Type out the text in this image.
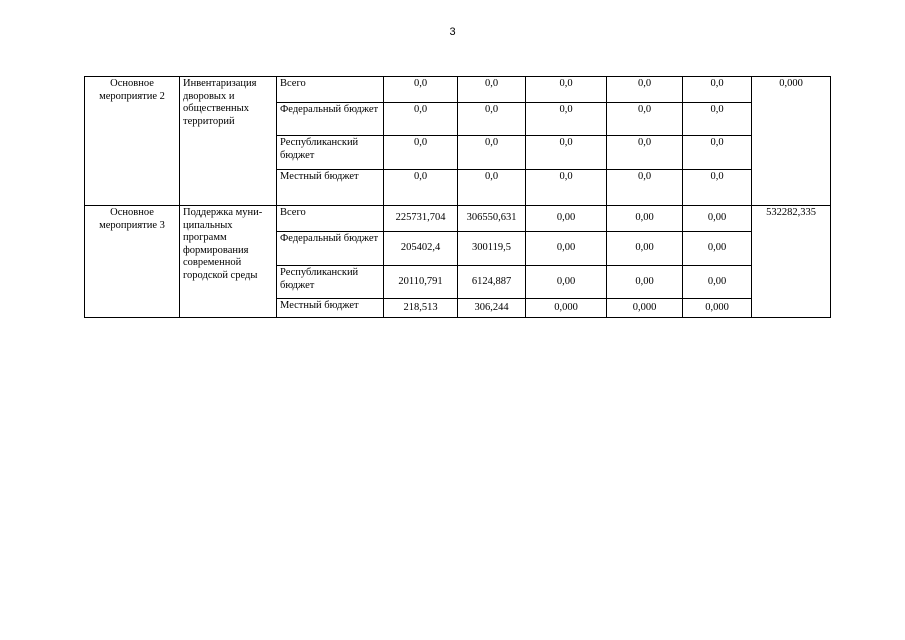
3
Основное мероприятие 2	Инвентаризация дворовых и общественных территорий	Всего	0,0	0,0	0,0	0,0	0,0	0,000
		Федеральный бюджет	0,0	0,0	0,0	0,0	0,0	
		Республиканский бюджет	0,0	0,0	0,0	0,0	0,0	
		Местный бюджет	0,0	0,0	0,0	0,0	0,0	
Основное мероприятие 3	Поддержка муни-ципальных программ формирования современной городской среды	Всего	225731,704	306550,631	0,00	0,00	0,00	532282,335
		Федеральный бюджет	205402,4	300119,5	0,00	0,00	0,00	
		Республиканский бюджет	20110,791	6124,887	0,00	0,00	0,00	
		Местный бюджет	218,513	306,244	0,000	0,000	0,000	
